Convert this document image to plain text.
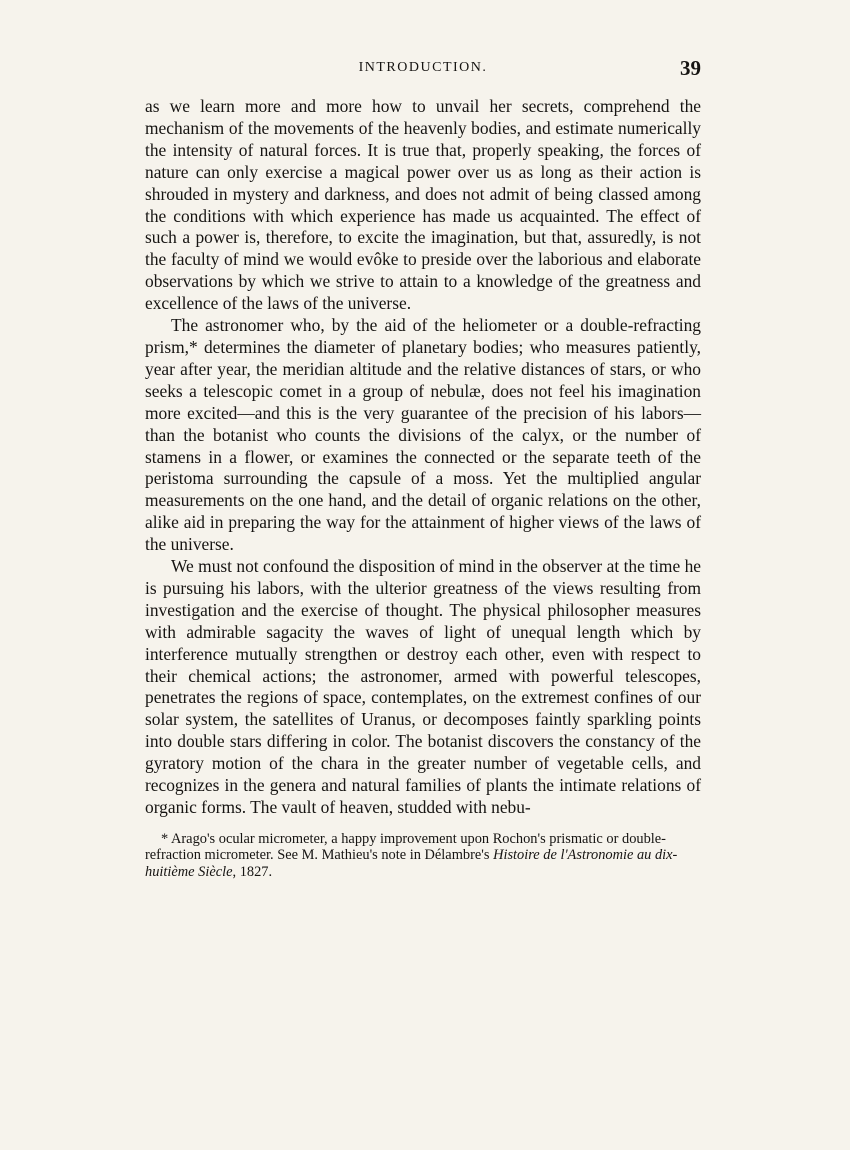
INTRODUCTION.	39

as we learn more and more how to unvail her secrets, comprehend the mechanism of the movements of the heavenly bodies, and estimate numerically the intensity of natural forces. It is true that, properly speaking, the forces of nature can only exercise a magical power over us as long as their action is shrouded in mystery and darkness, and does not admit of being classed among the conditions with which experience has made us acquainted. The effect of such a power is, therefore, to excite the imagination, but that, assuredly, is not the faculty of mind we would evôke to preside over the laborious and elaborate observations by which we strive to attain to a knowledge of the greatness and excellence of the laws of the universe.

The astronomer who, by the aid of the heliometer or a double-refracting prism,* determines the diameter of planetary bodies; who measures patiently, year after year, the meridian altitude and the relative distances of stars, or who seeks a telescopic comet in a group of nebulæ, does not feel his imagination more excited—and this is the very guarantee of the precision of his labors—than the botanist who counts the divisions of the calyx, or the number of stamens in a flower, or examines the connected or the separate teeth of the peristoma surrounding the capsule of a moss. Yet the multiplied angular measurements on the one hand, and the detail of organic relations on the other, alike aid in preparing the way for the attainment of higher views of the laws of the universe.

We must not confound the disposition of mind in the observer at the time he is pursuing his labors, with the ulterior greatness of the views resulting from investigation and the exercise of thought. The physical philosopher measures with admirable sagacity the waves of light of unequal length which by interference mutually strengthen or destroy each other, even with respect to their chemical actions; the astronomer, armed with powerful telescopes, penetrates the regions of space, contemplates, on the extremest confines of our solar system, the satellites of Uranus, or decomposes faintly sparkling points into double stars differing in color. The botanist discovers the constancy of the gyratory motion of the chara in the greater number of vegetable cells, and recognizes in the genera and natural families of plants the intimate relations of organic forms. The vault of heaven, studded with nebu-

* Arago's ocular micrometer, a happy improvement upon Rochon's prismatic or double-refraction micrometer. See M. Mathieu's note in Délambre's Histoire de l'Astronomie au dix-huitième Siècle, 1827.
